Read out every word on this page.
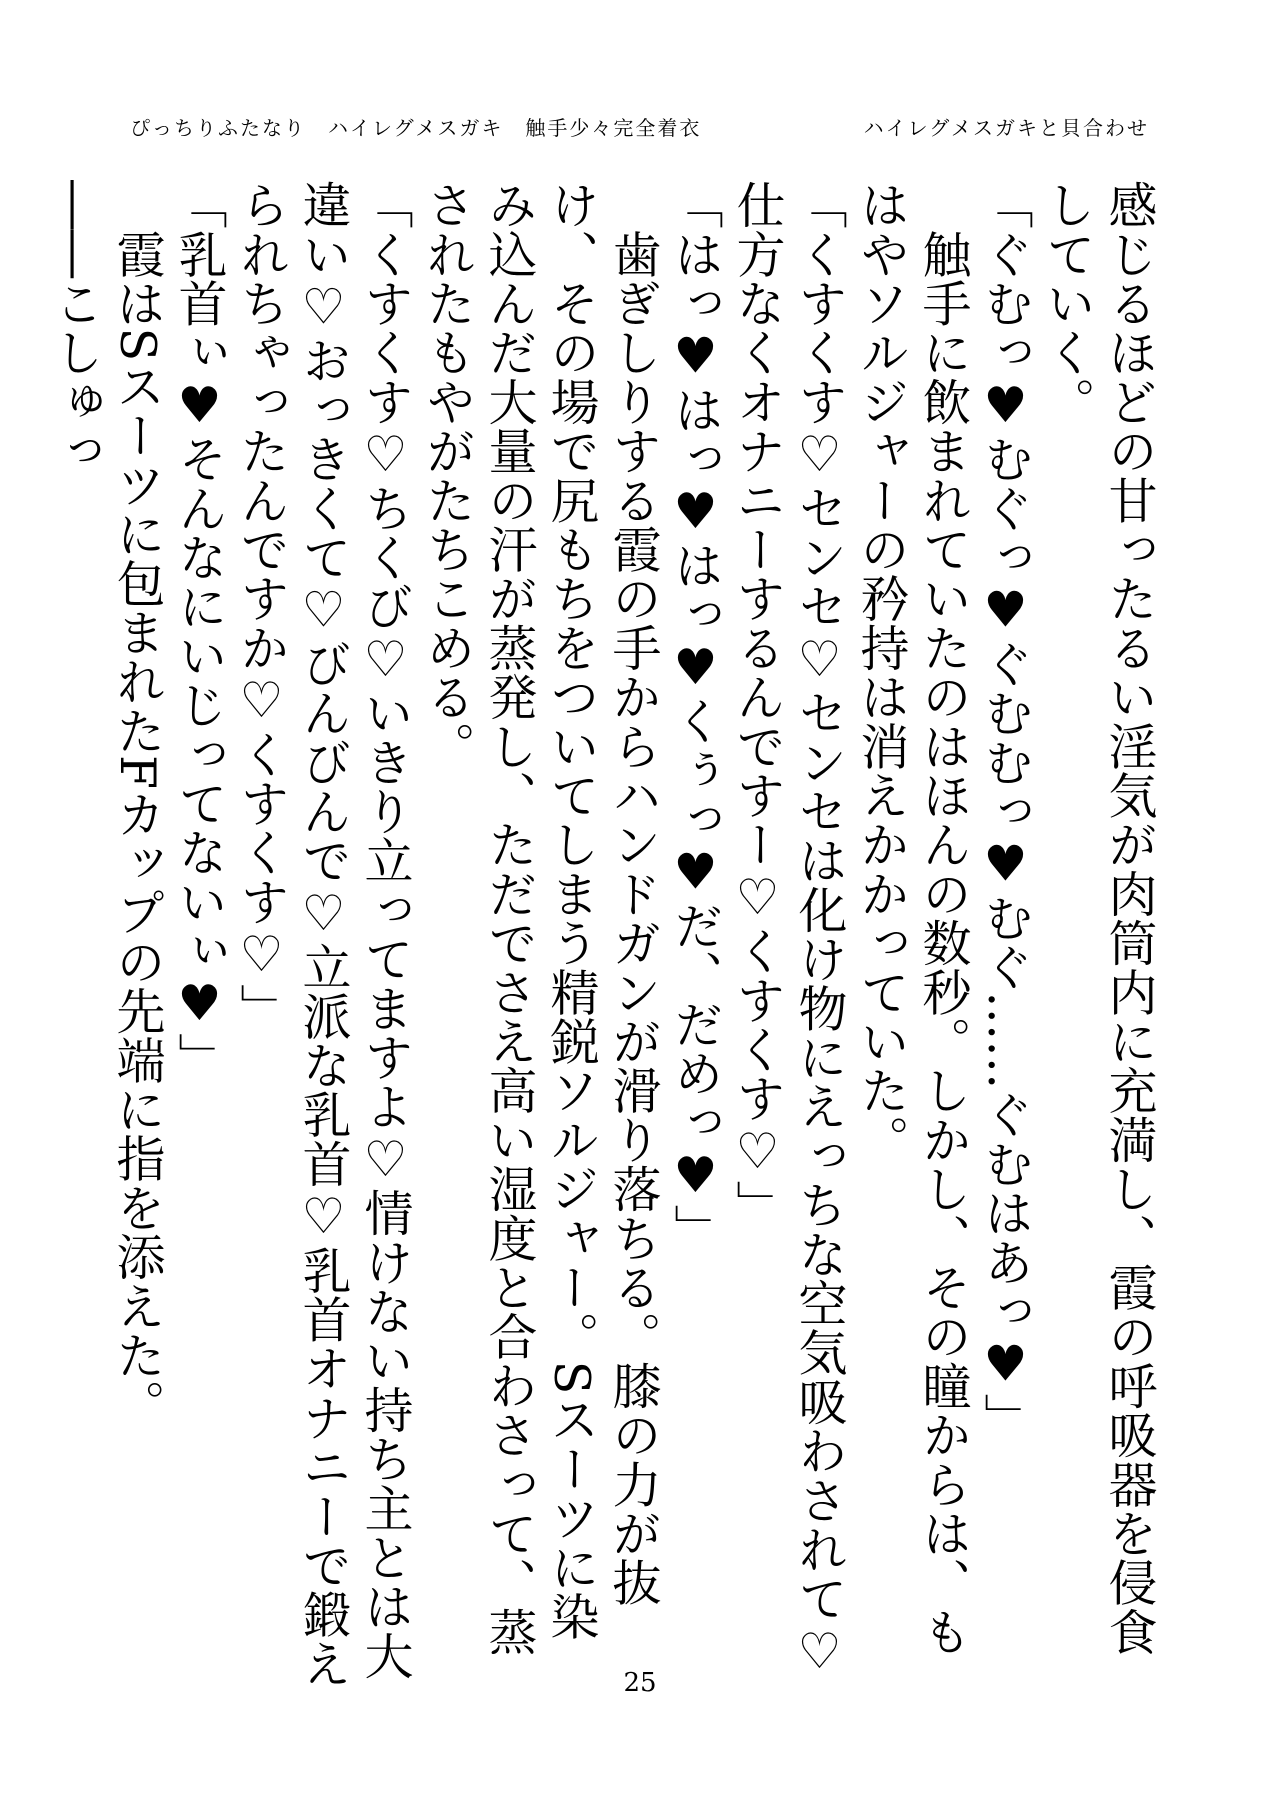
ぴっちりふたなり　ハイレグメスガキ　触手少々完全着衣	ハイレグメスガキと貝合わせ
感じるほどの甘ったるい淫気が肉筒内に充満し、霞の呼吸器を侵食
していく。
「ぐむっ♥むぐっ♥ぐむむっ♥むぐ……ぐむはあっ♥」
　触手に飲まれていたのはほんの数秒。しかし、その瞳からは、も
はやソルジャーの矜持は消えかかっていた。
「くすくす♡センセ♡センセは化け物にえっちな空気吸わされて♡
仕方なくオナニーするんですー♡くすくす♡」
「はっ♥はっ♥はっ♥くぅっ♥だ、だめっ♥」
　歯ぎしりする霞の手からハンドガンが滑り落ちる。膝の力が抜
け、その場で尻もちをついてしまう精鋭ソルジャー。Sスーツに染
み込んだ大量の汗が蒸発し、ただでさえ高い湿度と合わさって、蒸
されたもやがたちこめる。
「くすくす♡ちくび♡いきり立ってますよ♡情けない持ち主とは大
違い♡おっきくて♡びんびんで♡立派な乳首♡乳首オナニーで鍛え
られちゃったんですか♡くすくす♡」
「乳首ぃ♥そんなにいじってないぃ♥」
　霞はSスーツに包まれたFカップの先端に指を添えた。
――こしゅっ
25
